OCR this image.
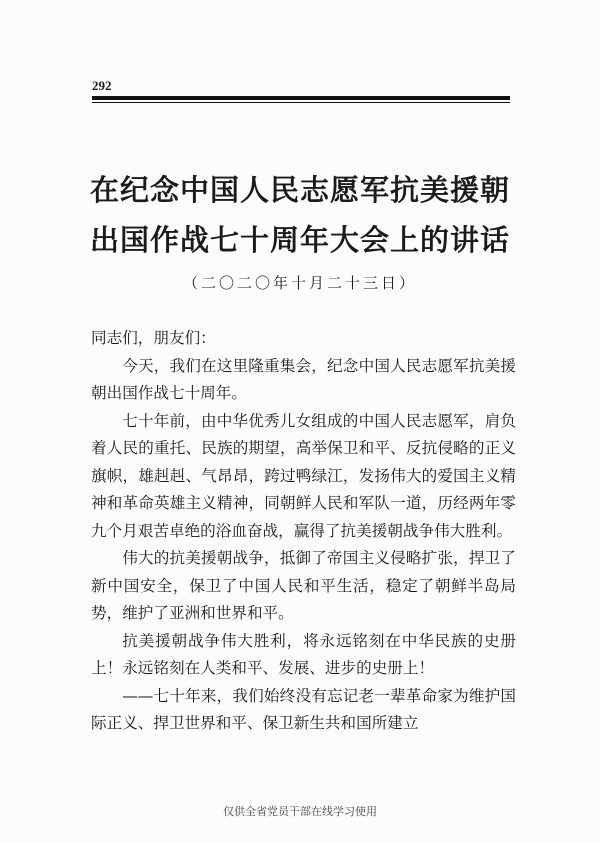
292
在纪念中国人民志愿军抗美援朝
出国作战七十周年大会上的讲话
（二〇二〇年十月二十三日）

同志们，朋友们：

今天，我们在这里隆重集会，纪念中国人民志愿军抗美援朝出国作战七十周年。

七十年前，由中华优秀儿女组成的中国人民志愿军，肩负着人民的重托、民族的期望，高举保卫和平、反抗侵略的正义旗帜，雄赳赳、气昂昂，跨过鸭绿江，发扬伟大的爱国主义精神和革命英雄主义精神，同朝鲜人民和军队一道，历经两年零九个月艰苦卓绝的浴血奋战，赢得了抗美援朝战争伟大胜利。

伟大的抗美援朝战争，抵御了帝国主义侵略扩张，捍卫了新中国安全，保卫了中国人民和平生活，稳定了朝鲜半岛局势，维护了亚洲和世界和平。

抗美援朝战争伟大胜利，将永远铭刻在中华民族的史册上！永远铭刻在人类和平、发展、进步的史册上！

——七十年来，我们始终没有忘记老一辈革命家为维护国际正义、捍卫世界和平、保卫新生共和国所建立

仅供全省党员干部在线学习使用
